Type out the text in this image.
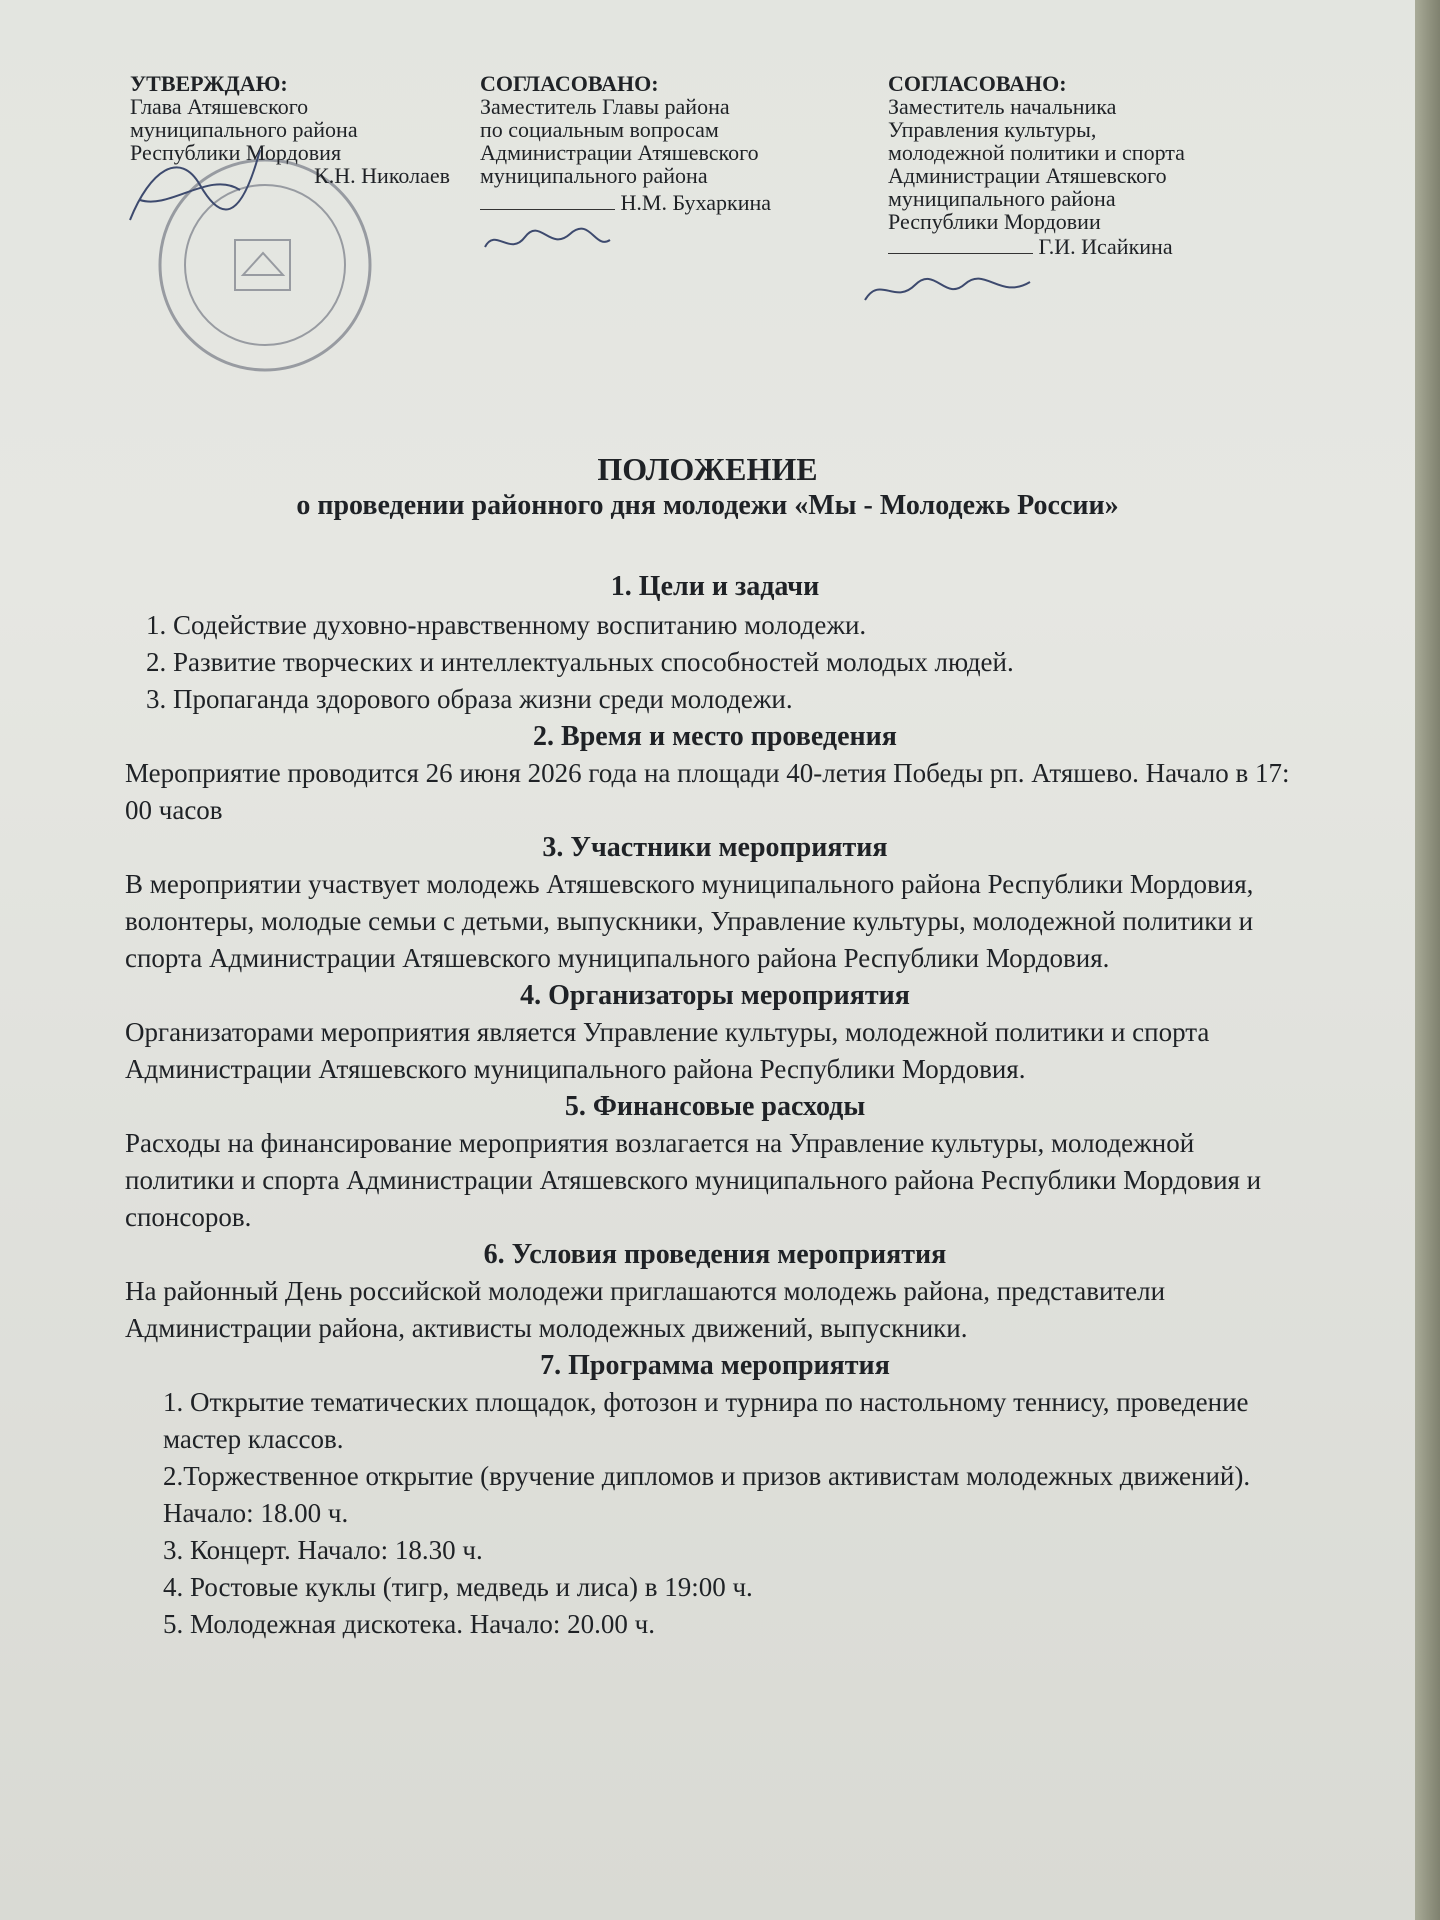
УТВЕРЖДАЮ:
Глава Атяшевского
муниципального района
Республики Мордовия
К.Н. Николаев
СОГЛАСОВАНО:
Заместитель Главы района
по социальным вопросам
Администрации Атяшевского
муниципального района
Н.М. Бухаркина
СОГЛАСОВАНО:
Заместитель начальника
Управления культуры,
молодежной политики и спорта
Администрации Атяшевского
муниципального района
Республики Мордовии
Г.И. Исайкина
ПОЛОЖЕНИЕ
о проведении районного дня молодежи «Мы - Молодежь России»
1. Цели и задачи
1. Содействие духовно-нравственному воспитанию молодежи.
2. Развитие творческих и интеллектуальных способностей молодых людей.
3. Пропаганда здорового образа жизни среди молодежи.
2. Время и место проведения

Мероприятие проводится 26 июня 2026 года на площади 40-летия Победы рп. Атяшево. Начало в 17: 00 часов

3. Участники мероприятия

В мероприятии участвует молодежь Атяшевского муниципального района Республики Мордовия, волонтеры, молодые семьи с детьми, выпускники, Управление культуры, молодежной политики и спорта Администрации Атяшевского муниципального района Республики Мордовия.

4. Организаторы мероприятия

Организаторами мероприятия является Управление культуры, молодежной политики и спорта Администрации Атяшевского муниципального района Республики Мордовия.

5. Финансовые расходы

Расходы на финансирование мероприятия возлагается на Управление культуры, молодежной политики и спорта Администрации Атяшевского муниципального района Республики Мордовия и спонсоров.

6. Условия проведения мероприятия

На районный День российской молодежи приглашаются молодежь района, представители Администрации района, активисты молодежных движений, выпускники.

7. Программа мероприятия
1. Открытие тематических площадок, фотозон и турнира по настольному теннису, проведение мастер классов.
2.Торжественное открытие (вручение дипломов и призов активистам молодежных движений). Начало: 18.00 ч.
3. Концерт. Начало: 18.30 ч.
4. Ростовые куклы (тигр, медведь и лиса) в 19:00 ч.
5. Молодежная дискотека. Начало: 20.00 ч.
